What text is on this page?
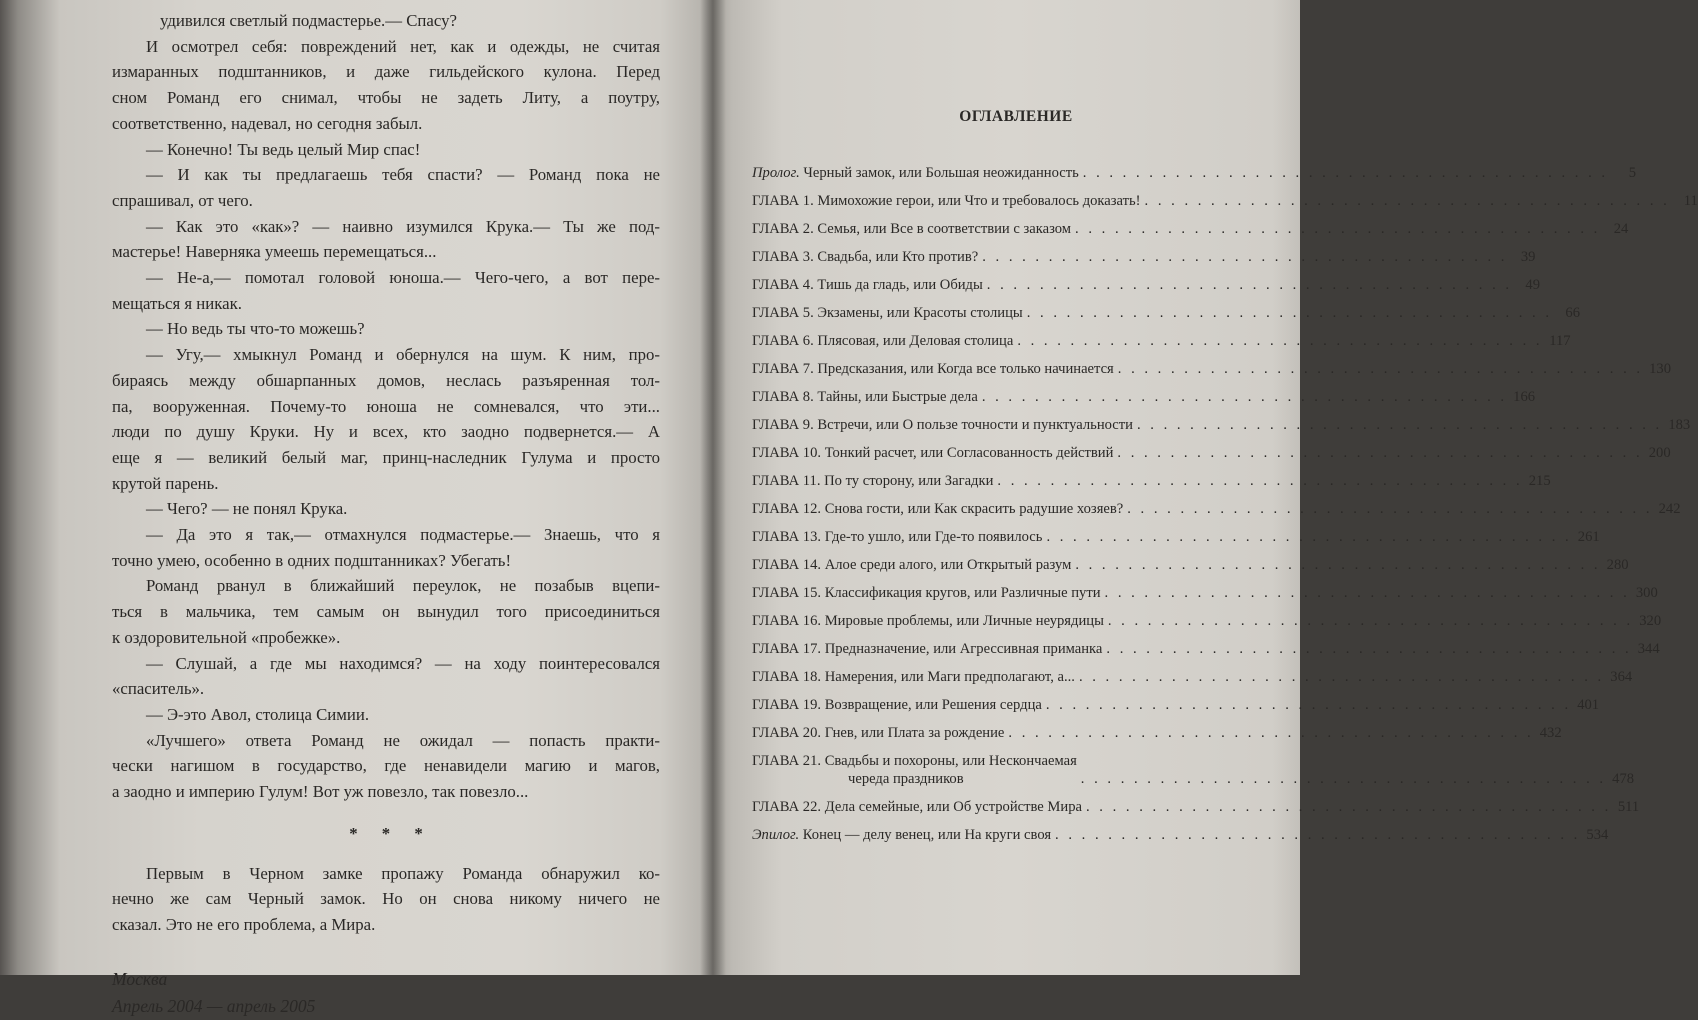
удивился светлый подмастерье.— Спасу?
И осмотрел себя: повреждений нет, как и одежды, не считая
измаранных подштанников, и даже гильдейского кулона. Перед
сном Романд его снимал, чтобы не задеть Литу, а поутру,
соответственно, надевал, но сегодня забыл.
— Конечно! Ты ведь целый Мир спас!
— И как ты предлагаешь тебя спасти? — Романд пока не
спрашивал, от чего.
— Как это «как»? — наивно изумился Крука.— Ты же под-
мастерье! Наверняка умеешь перемещаться...
— Не-а,— помотал головой юноша.— Чего-чего, а вот пере-
мещаться я никак.
— Но ведь ты что-то можешь?
— Угу,— хмыкнул Романд и обернулся на шум. К ним, про-
бираясь между обшарпанных домов, неслась разъяренная тол-
па, вооруженная. Почему-то юноша не сомневался, что эти...
люди по душу Круки. Ну и всех, кто заодно подвернется.— А
еще я — великий белый маг, принц-наследник Гулума и просто
крутой парень.
— Чего? — не понял Крука.
— Да это я так,— отмахнулся подмастерье.— Знаешь, что я
точно умею, особенно в одних подштанниках? Убегать!
Романд рванул в ближайший переулок, не позабыв вцепи-
ться в мальчика, тем самым он вынудил того присоединиться
к оздоровительной «пробежке».
— Слушай, а где мы находимся? — на ходу поинтересовался
«спаситель».
— Э-это Авол, столица Симии.
«Лучшего» ответа Романд не ожидал — попасть практи-
чески нагишом в государство, где ненавидели магию и магов,
а заодно и империю Гулум! Вот уж повезло, так повезло...
* * *
Первым в Черном замке пропажу Романда обнаружил ко-
нечно же сам Черный замок. Но он снова никому ничего не
сказал. Это не его проблема, а Мира.
Москва
Апрель 2004 — апрель 2005
ОГЛАВЛЕНИЕ
Пролог. Черный замок, или Большая неожиданность . . . . . . . . . . . . . . . . . . . . . . . . . . . . . . . . . . . . . . . .	5
ГЛАВА 1. Мимохожие герои, или Что и требовалось доказать! . . . . . . . . . . . . . . . . . . . . . . . . . . . . . . . . . . . . . . . . 11
ГЛАВА 2. Семья, или Все в соответствии с заказом . . . . . . . . . . . . . . . . . . . . . . . . . . . . . . . . . . . . . . . . 24
ГЛАВА 3. Свадьба, или Кто против? . . . . . . . . . . . . . . . . . . . . . . . . . . . . . . . . . . . . . . . . 39
ГЛАВА 4. Тишь да гладь, или Обиды . . . . . . . . . . . . . . . . . . . . . . . . . . . . . . . . . . . . . . . . 49
ГЛАВА 5. Экзамены, или Красоты столицы . . . . . . . . . . . . . . . . . . . . . . . . . . . . . . . . . . . . . . . . 66
ГЛАВА 6. Плясовая, или Деловая столица . . . . . . . . . . . . . . . . . . . . . . . . . . . . . . . . . . . . . . . . 117
ГЛАВА 7. Предсказания, или Когда все только начинается . . . . . . . . . . . . . . . . . . . . . . . . . . . . . . . . . . . . . . . . 130
ГЛАВА 8. Тайны, или Быстрые дела . . . . . . . . . . . . . . . . . . . . . . . . . . . . . . . . . . . . . . . . 166
ГЛАВА 9. Встречи, или О пользе точности и пунктуальности . . . . . . . . . . . . . . . . . . . . . . . . . . . . . . . . . . . . . . . . 183
ГЛАВА 10. Тонкий расчет, или Согласованность действий . . . . . . . . . . . . . . . . . . . . . . . . . . . . . . . . . . . . . . . . 200
ГЛАВА 11. По ту сторону, или Загадки . . . . . . . . . . . . . . . . . . . . . . . . . . . . . . . . . . . . . . . . 215
ГЛАВА 12. Снова гости, или Как скрасить радушие хозяев? . . . . . . . . . . . . . . . . . . . . . . . . . . . . . . . . . . . . . . . . 242
ГЛАВА 13. Где-то ушло, или Где-то появилось . . . . . . . . . . . . . . . . . . . . . . . . . . . . . . . . . . . . . . . . 261
ГЛАВА 14. Алое среди алого, или Открытый разум . . . . . . . . . . . . . . . . . . . . . . . . . . . . . . . . . . . . . . . . 280
ГЛАВА 15. Классификация кругов, или Различные пути . . . . . . . . . . . . . . . . . . . . . . . . . . . . . . . . . . . . . . . . 300
ГЛАВА 16. Мировые проблемы, или Личные неурядицы . . . . . . . . . . . . . . . . . . . . . . . . . . . . . . . . . . . . . . . . 320
ГЛАВА 17. Предназначение, или Агрессивная приманка . . . . . . . . . . . . . . . . . . . . . . . . . . . . . . . . . . . . . . . . 344
ГЛАВА 18. Намерения, или Маги предполагают, а... . . . . . . . . . . . . . . . . . . . . . . . . . . . . . . . . . . . . . . . . 364
ГЛАВА 19. Возвращение, или Решения сердца . . . . . . . . . . . . . . . . . . . . . . . . . . . . . . . . . . . . . . . . 401
ГЛАВА 20. Гнев, или Плата за рождение . . . . . . . . . . . . . . . . . . . . . . . . . . . . . . . . . . . . . . . . 432
ГЛАВА 21. Свадьбы и похороны, или Нескончаемая
череда праздников	. . . . . . . . . . . . . . . . . . . . . . . . . . . . . . . . . . . . . . . . 478
ГЛАВА 22. Дела семейные, или Об устройстве Мира . . . . . . . . . . . . . . . . . . . . . . . . . . . . . . . . . . . . . . . . 511
Эпилог. Конец — делу венец, или На круги своя . . . . . . . . . . . . . . . . . . . . . . . . . . . . . . . . . . . . . . . . 534
